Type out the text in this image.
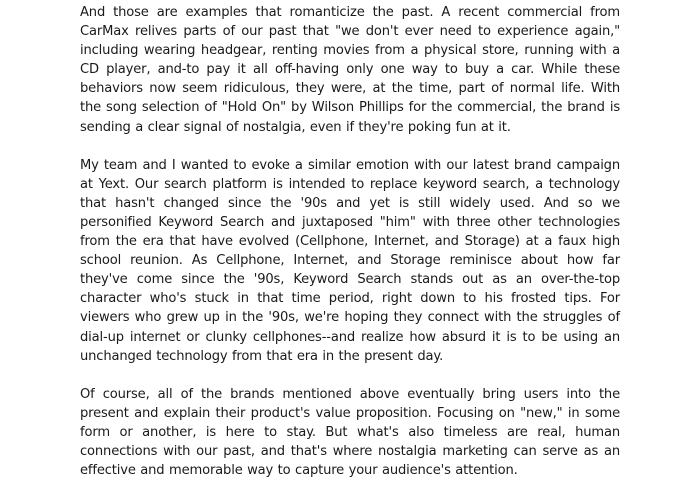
And those are examples that romanticize the past. A recent commercial from CarMax relives parts of our past that "we don't ever need to experience again," including wearing headgear, renting movies from a physical store, running with a CD player, and-to pay it all off-having only one way to buy a car. While these behaviors now seem ridiculous, they were, at the time, part of normal life. With the song selection of "Hold On" by Wilson Phillips for the commercial, the brand is sending a clear signal of nostalgia, even if they're poking fun at it.

My team and I wanted to evoke a similar emotion with our latest brand campaign at Yext. Our search platform is intended to replace keyword search, a technology that hasn't changed since the '90s and yet is still widely used. And so we personified Keyword Search and juxtaposed "him" with three other technologies from the era that have evolved (Cellphone, Internet, and Storage) at a faux high school reunion. As Cellphone, Internet, and Storage reminisce about how far they've come since the '90s, Keyword Search stands out as an over-the-top character who's stuck in that time period, right down to his frosted tips. For viewers who grew up in the '90s, we're hoping they connect with the struggles of dial-up internet or clunky cellphones--and realize how absurd it is to be using an unchanged technology from that era in the present day.

Of course, all of the brands mentioned above eventually bring users into the present and explain their product's value proposition. Focusing on "new," in some form or another, is here to stay. But what's also timeless are real, human connections with our past, and that's where nostalgia marketing can serve as an effective and memorable way to capture your audience's attention.
